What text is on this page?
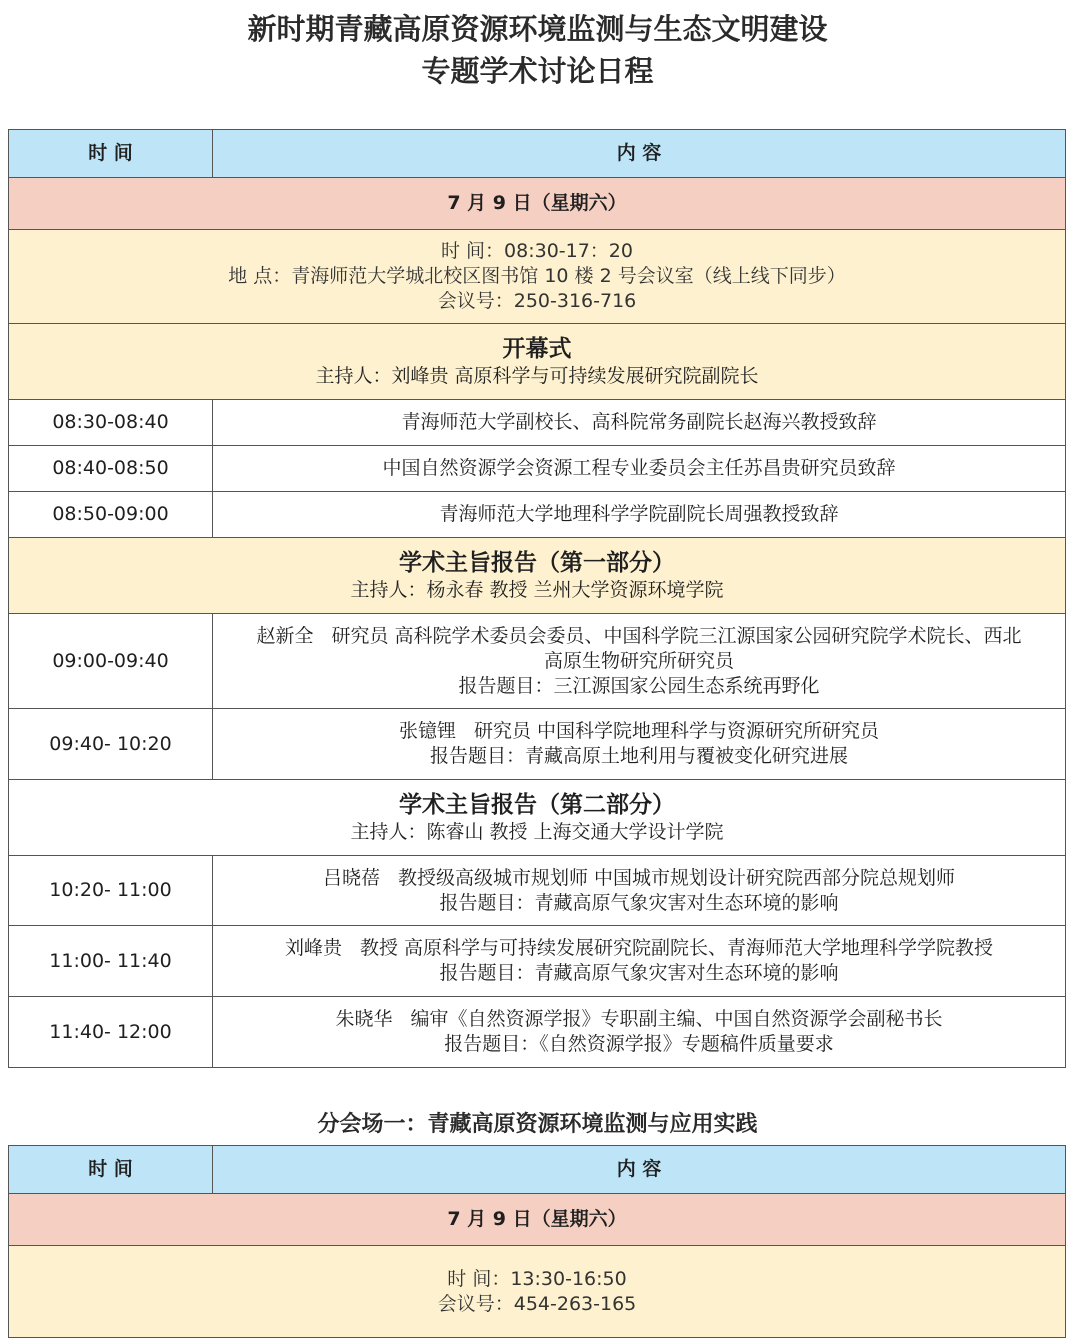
新时期青藏高原资源环境监测与生态文明建设
专题学术讨论日程
时 间	内 容
7 月 9 日（星期六）	

时 间：08:30-17：20
地 点：青海师范大学城北校区图书馆 10 楼 2 号会议室（线上线下同步）
会议号：250-316-716	

开幕式
主持人：刘峰贵 高原科学与可持续发展研究院副院长	

08:30-08:40	青海师范大学副校长、高科院常务副院长赵海兴教授致辞
08:40-08:50	中国自然资源学会资源工程专业委员会主任苏昌贵研究员致辞
08:50-09:00	青海师范大学地理科学学院副院长周强教授致辞

学术主旨报告（第一部分）
主持人：杨永春 教授 兰州大学资源环境学院	

09:00-09:40	赵新全 研究员 高科院学术委员会委员、中国科学院三江源国家公园研究院学术院长、西北
高原生物研究所研究员
报告题目：三江源国家公园生态系统再野化

09:40- 10:20	张镱锂 研究员 中国科学院地理科学与资源研究所研究员
报告题目：青藏高原土地利用与覆被变化研究进展

学术主旨报告（第二部分）
主持人：陈睿山 教授 上海交通大学设计学院	

10:20- 11:00	吕晓蓓 教授级高级城市规划师 中国城市规划设计研究院西部分院总规划师
报告题目：青藏高原气象灾害对生态环境的影响

11:00- 11:40	刘峰贵 教授 高原科学与可持续发展研究院副院长、青海师范大学地理科学学院教授
报告题目：青藏高原气象灾害对生态环境的影响

11:40- 12:00	朱晓华 编审《自然资源学报》专职副主编、中国自然资源学会副秘书长
报告题目：《自然资源学报》专题稿件质量要求
分会场一：青藏高原资源环境监测与应用实践
时 间	内 容
7 月 9 日（星期六）

时 间：13:30-16:50
会议号：454-263-165
